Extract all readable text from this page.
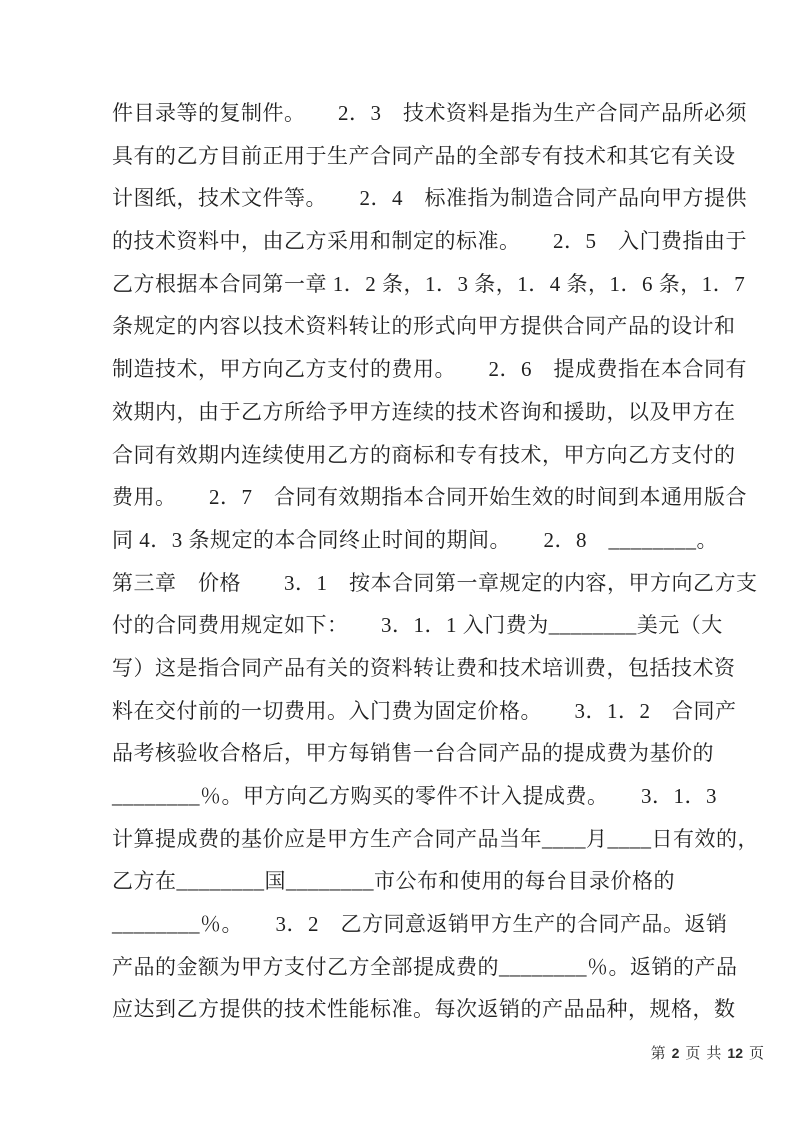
件目录等的复制件。　　2．3　技术资料是指为生产合同产品所必须
具有的乙方目前正用于生产合同产品的全部专有技术和其它有关设
计图纸，技术文件等。　　2．4　标准指为制造合同产品向甲方提供
的技术资料中，由乙方采用和制定的标准。　　2．5　入门费指由于
乙方根据本合同第一章 1．2 条，1．3 条，1．4 条，1．6 条，1．7
条规定的内容以技术资料转让的形式向甲方提供合同产品的设计和
制造技术，甲方向乙方支付的费用。　　2．6　提成费指在本合同有
效期内，由于乙方所给予甲方连续的技术咨询和援助，以及甲方在
合同有效期内连续使用乙方的商标和专有技术，甲方向乙方支付的
费用。　　2．7　合同有效期指本合同开始生效的时间到本通用版合
同 4．3 条规定的本合同终止时间的期间。　　2．8　________。
第三章　价格　　3．1　按本合同第一章规定的内容，甲方向乙方支
付的合同费用规定如下：　　3．1．1 入门费为________美元（大
写）这是指合同产品有关的资料转让费和技术培训费，包括技术资
料在交付前的一切费用。入门费为固定价格。　　3．1．2　合同产
品考核验收合格后，甲方每销售一台合同产品的提成费为基价的
________％。甲方向乙方购买的零件不计入提成费。　　3．1．3
计算提成费的基价应是甲方生产合同产品当年____月____日有效的，
乙方在________国________市公布和使用的每台目录价格的
________％。　　3．2　乙方同意返销甲方生产的合同产品。返销
产品的金额为甲方支付乙方全部提成费的________％。返销的产品
应达到乙方提供的技术性能标准。每次返销的产品品种，规格，数
第 2 页 共 12 页
